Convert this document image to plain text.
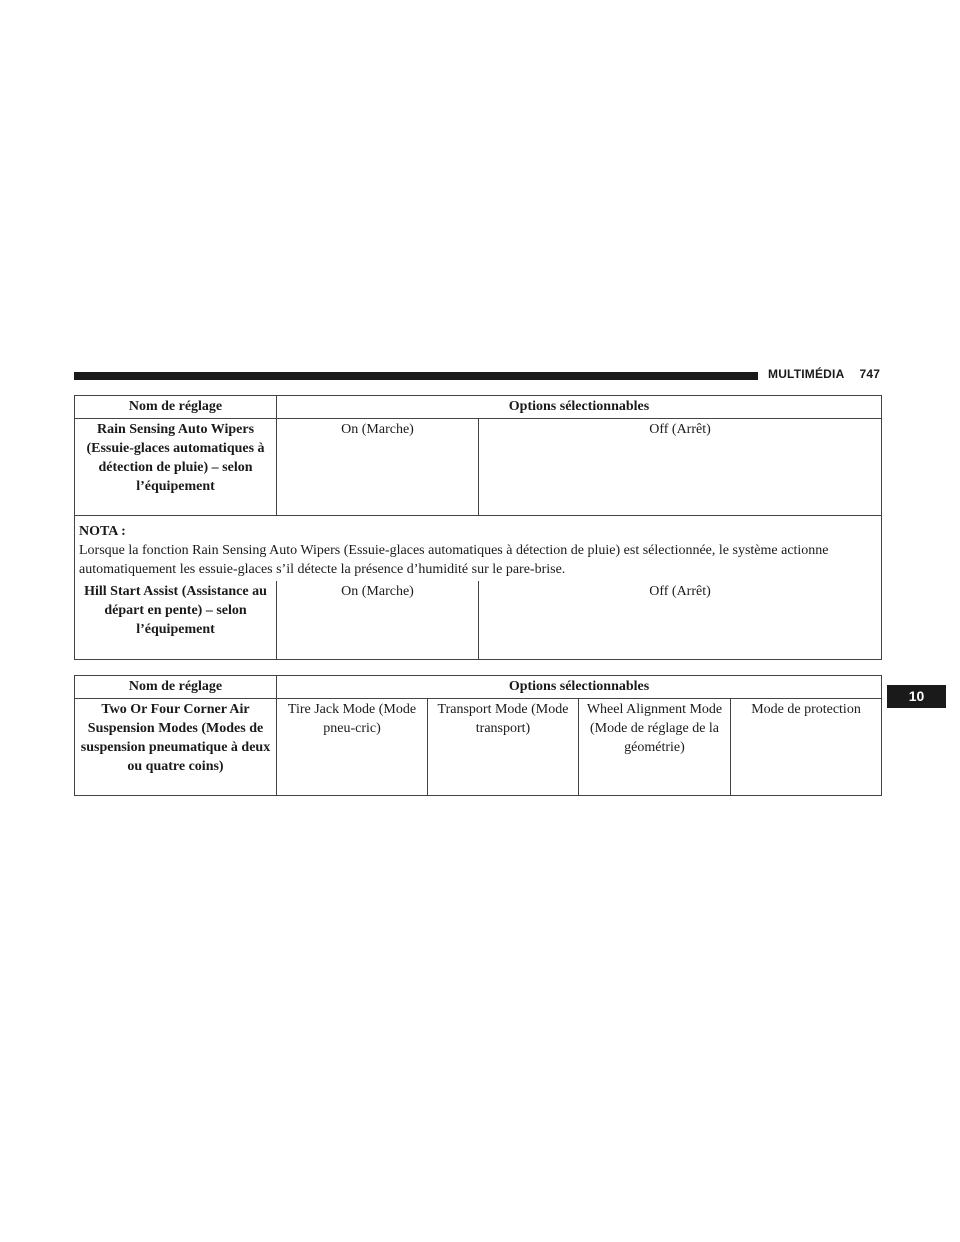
MULTIMÉDIA 747
10
Nom de réglage	Options sélectionnables	
Rain Sensing Auto Wipers (Essuie-glaces automatiques à détection de pluie) – selon l’équipement	On (Marche)	Off (Arrêt)

NOTA :
Lorsque la fonction Rain Sensing Auto Wipers (Essuie-glaces automatiques à détection de pluie) est sélectionnée, le système actionne automatiquement les essuie-glaces s’il détecte la présence d’humidité sur le pare-brise.		

Hill Start Assist (Assistance au départ en pente) – selon l’équipement	On (Marche)	Off (Arrêt)
Nom de réglage	Options sélectionnables			
Two Or Four Corner Air Suspension Modes (Modes de suspension pneumatique à deux ou quatre coins)	Tire Jack Mode (Mode pneu-cric)	Transport Mode (Mode transport)	Wheel Alignment Mode (Mode de réglage de la géométrie)	Mode de protection
